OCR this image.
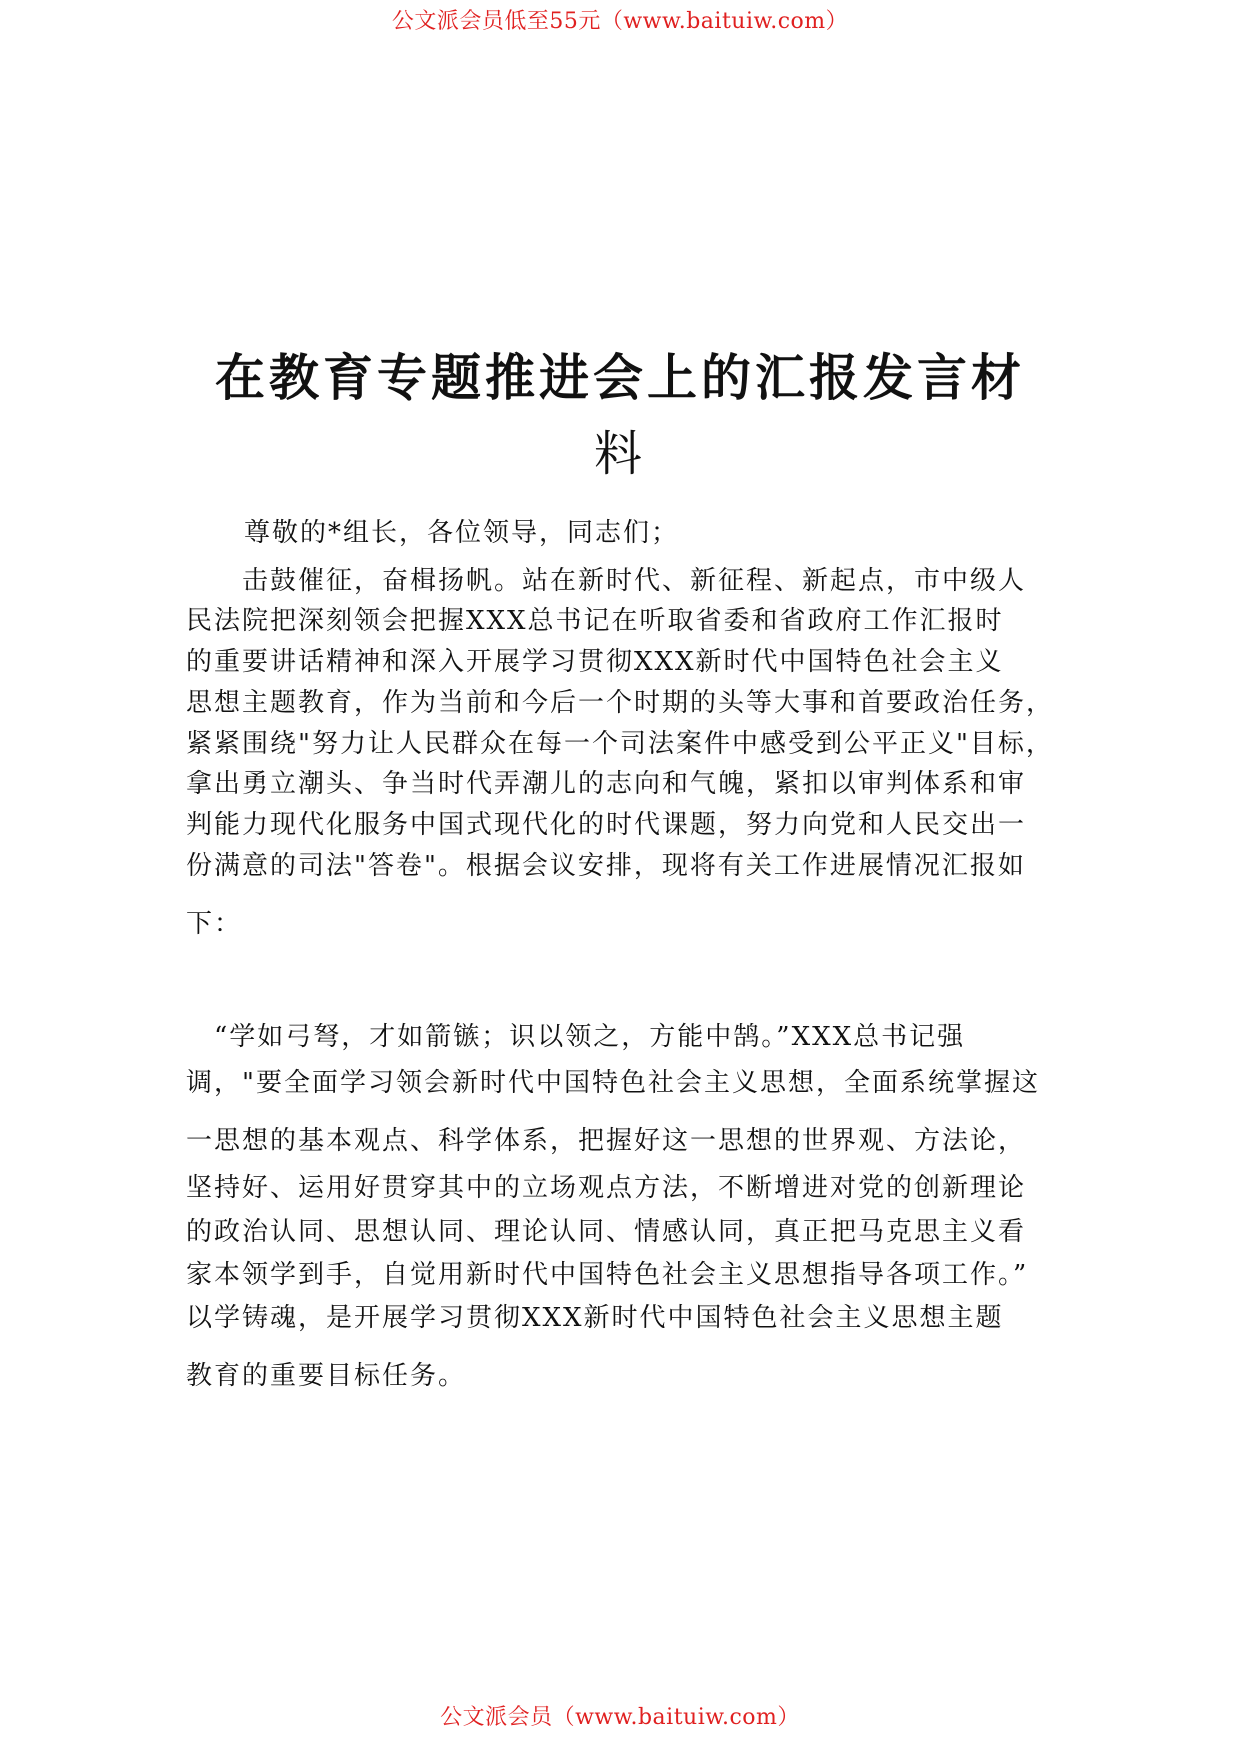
公文派会员低至55元（www.baituiw.com）
在教育专题推进会上的汇报发言材
料
尊敬的*组长，各位领导，同志们；
　　击鼓催征，奋楫扬帆。站在新时代、新征程、新起点，市中级人
民法院把深刻领会把握XXX总书记在听取省委和省政府工作汇报时
的重要讲话精神和深入开展学习贯彻XXX新时代中国特色社会主义
思想主题教育，作为当前和今后一个时期的头等大事和首要政治任务，
紧紧围绕"努力让人民群众在每一个司法案件中感受到公平正义"目标，
拿出勇立潮头、争当时代弄潮儿的志向和气魄，紧扣以审判体系和审
判能力现代化服务中国式现代化的时代课题，努力向党和人民交出一
份满意的司法"答卷"。根据会议安排，现将有关工作进展情况汇报如
下：
　“学如弓弩，才如箭镞；识以领之，方能中鹄。”XXX总书记强
调，"要全面学习领会新时代中国特色社会主义思想，全面系统掌握这
一思想的基本观点、科学体系，把握好这一思想的世界观、方法论，
坚持好、运用好贯穿其中的立场观点方法，不断增进对党的创新理论
的政治认同、思想认同、理论认同、情感认同，真正把马克思主义看
家本领学到手，自觉用新时代中国特色社会主义思想指导各项工作。”
以学铸魂，是开展学习贯彻XXX新时代中国特色社会主义思想主题
教育的重要目标任务。
公文派会员（www.baituiw.com）
